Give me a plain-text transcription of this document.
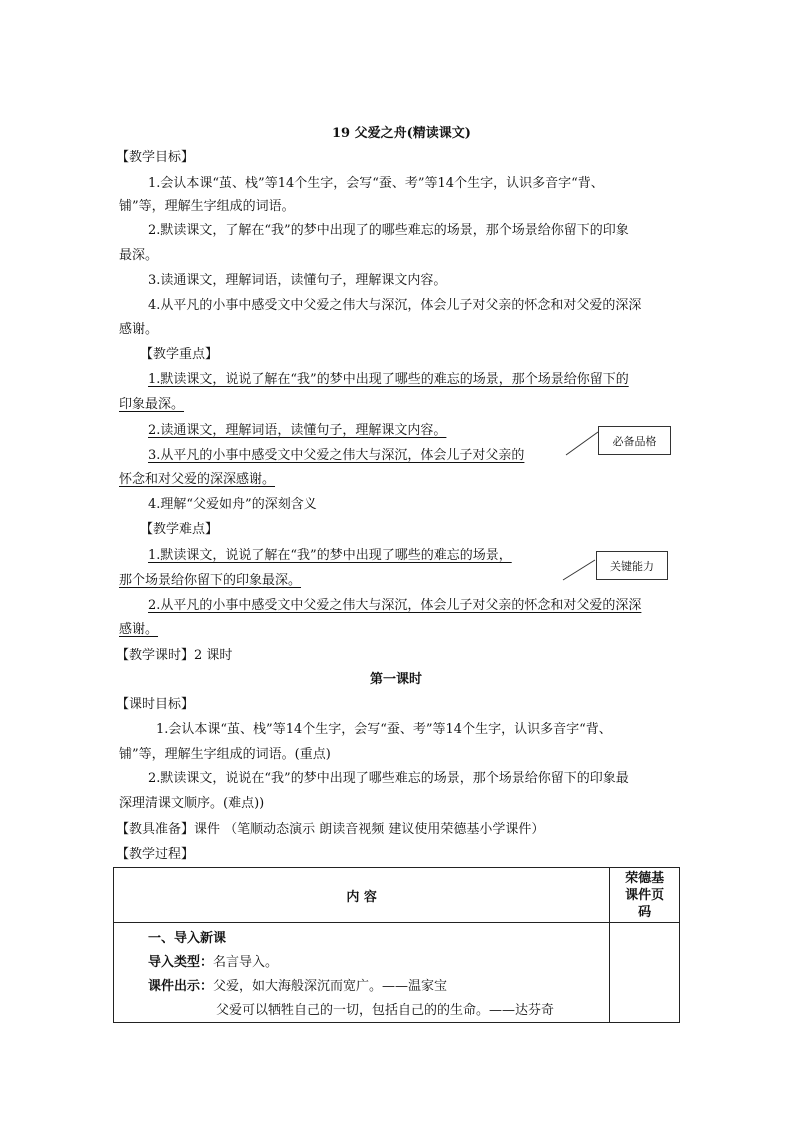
19 父爱之舟(精读课文)
【教学目标】
1.会认本课“茧、栈”等14个生字，会写“蚕、考”等14个生字，认识多音字“背、
铺”等，理解生字组成的词语。
2.默读课文，了解在“我”的梦中出现了的哪些难忘的场景，那个场景给你留下的印象
最深。
3.读通课文，理解词语，读懂句子，理解课文内容。
4.从平凡的小事中感受文中父爱之伟大与深沉，体会儿子对父亲的怀念和对父爱的深深
感谢。
【教学重点】
1.默读课文，说说了解在“我”的梦中出现了哪些的难忘的场景，那个场景给你留下的
印象最深。
2.读通课文，理解词语，读懂句子，理解课文内容。
3.从平凡的小事中感受文中父爱之伟大与深沉，体会儿子对父亲的
怀念和对父爱的深深感谢。
4.理解“父爱如舟”的深刻含义
【教学难点】
1.默读课文，说说了解在“我”的梦中出现了哪些的难忘的场景，
那个场景给你留下的印象最深。
2.从平凡的小事中感受文中父爱之伟大与深沉，体会儿子对父亲的怀念和对父爱的深深
感谢。
【教学课时】2 课时
第一课时
【课时目标】
1.会认本课“茧、栈”等14个生字，会写“蚕、考”等14个生字，认识多音字“背、
铺”等，理解生字组成的词语。(重点)
2.默读课文，说说在“我”的梦中出现了哪些难忘的场景，那个场景给你留下的印象最
深理清课文顺序。(难点))
【教具准备】课件 （笔顺动态演示 朗读音视频 建议使用荣德基小学课件）
【教学过程】
必备品格
关键能力
内 容	荣德基
课件页
码

一、导入新课
导入类型：名言导入。
课件出示：父爱，如大海般深沉而宽广。——温家宝
父爱可以牺牲自己的一切，包括自己的的生命。——达芬奇	
